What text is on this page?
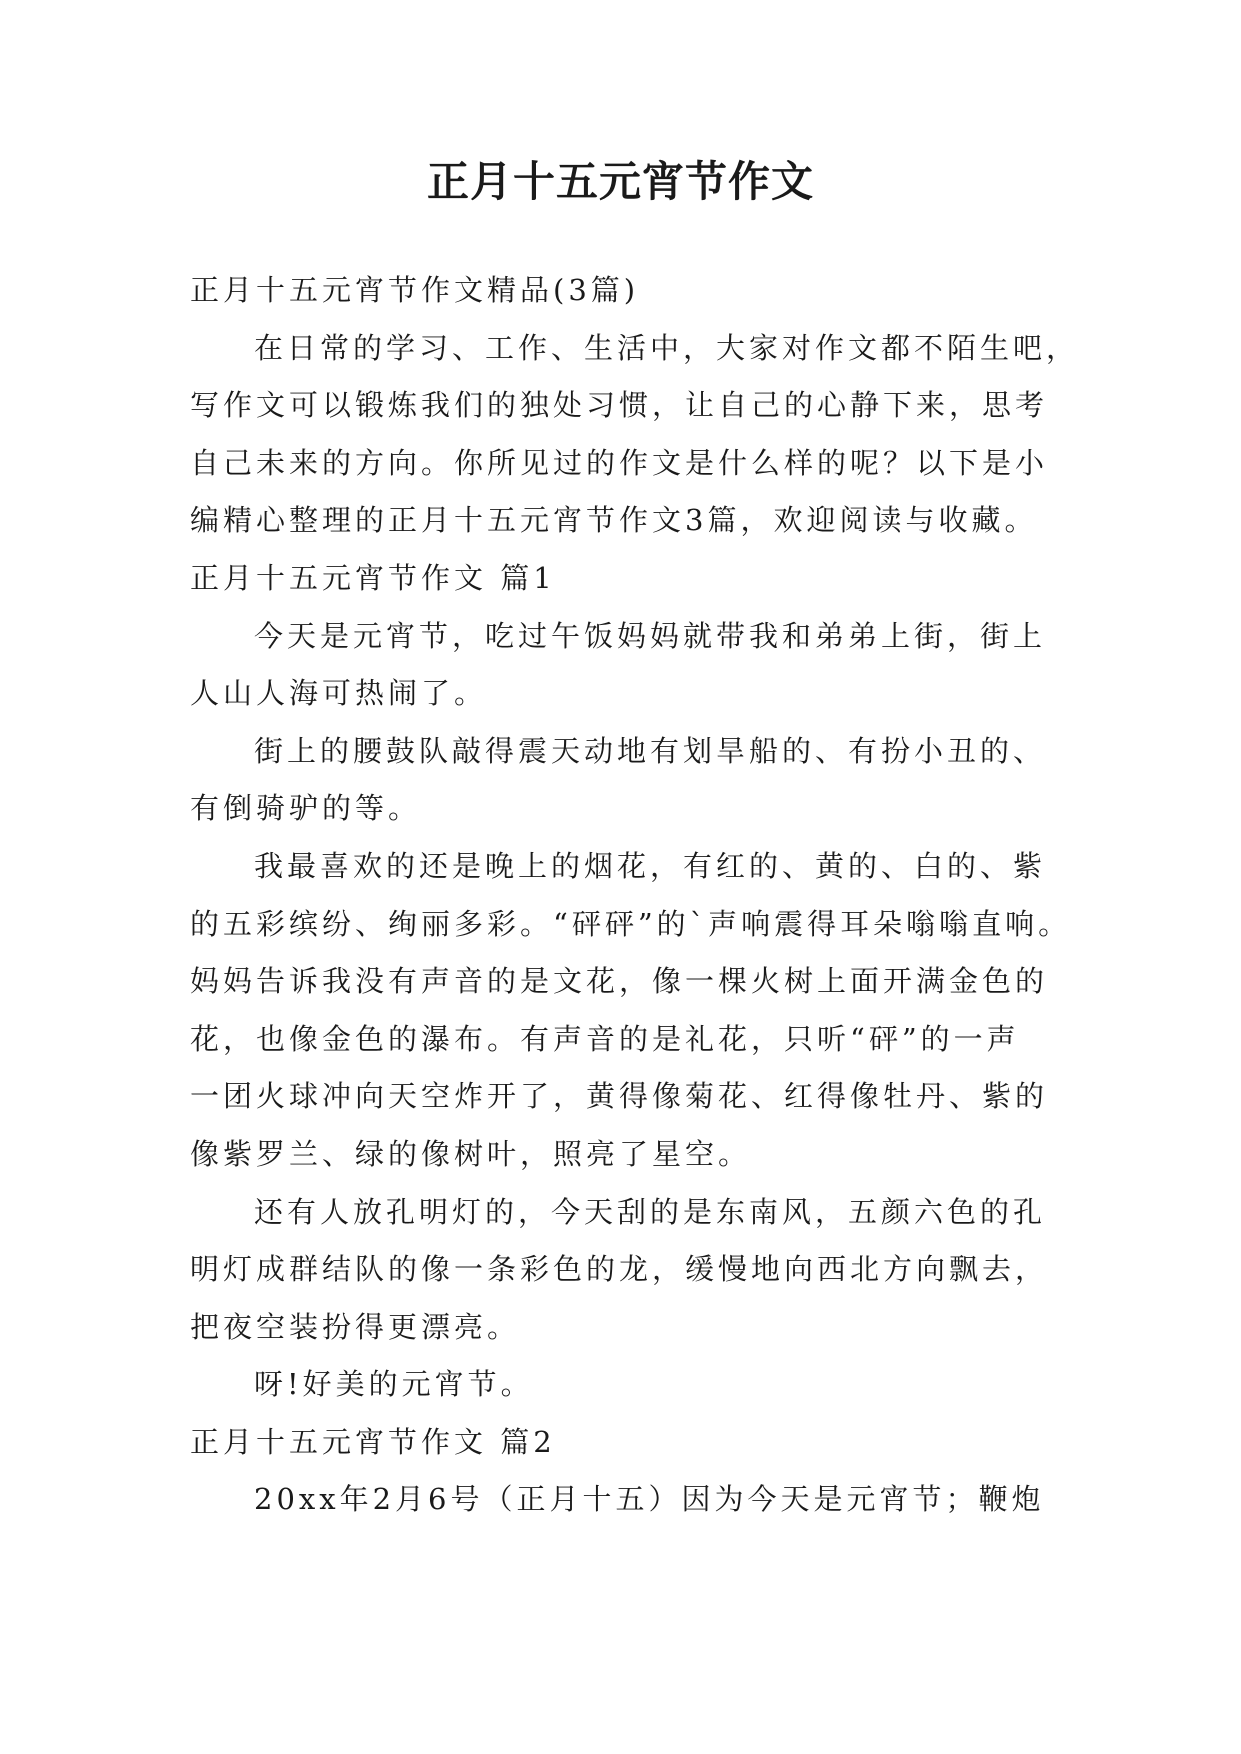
正月十五元宵节作文
正月十五元宵节作文精品(3篇)
在日常的学习、工作、生活中，大家对作文都不陌生吧，
写作文可以锻炼我们的独处习惯，让自己的心静下来，思考
自己未来的方向。你所见过的作文是什么样的呢？以下是小
编精心整理的正月十五元宵节作文3篇，欢迎阅读与收藏。
正月十五元宵节作文 篇1
今天是元宵节，吃过午饭妈妈就带我和弟弟上街，街上
人山人海可热闹了。
街上的腰鼓队敲得震天动地有划旱船的、有扮小丑的、
有倒骑驴的等。
我最喜欢的还是晚上的烟花，有红的、黄的、白的、紫
的五彩缤纷、绚丽多彩。“砰砰”的`声响震得耳朵嗡嗡直响。
妈妈告诉我没有声音的是文花，像一棵火树上面开满金色的
花，也像金色的瀑布。有声音的是礼花，只听“砰”的一声
一团火球冲向天空炸开了，黄得像菊花、红得像牡丹、紫的
像紫罗兰、绿的像树叶，照亮了星空。
还有人放孔明灯的，今天刮的是东南风，五颜六色的孔
明灯成群结队的像一条彩色的龙，缓慢地向西北方向飘去，
把夜空装扮得更漂亮。
呀!好美的元宵节。
正月十五元宵节作文 篇2
20xx年2月6号（正月十五）因为今天是元宵节；鞭炮
